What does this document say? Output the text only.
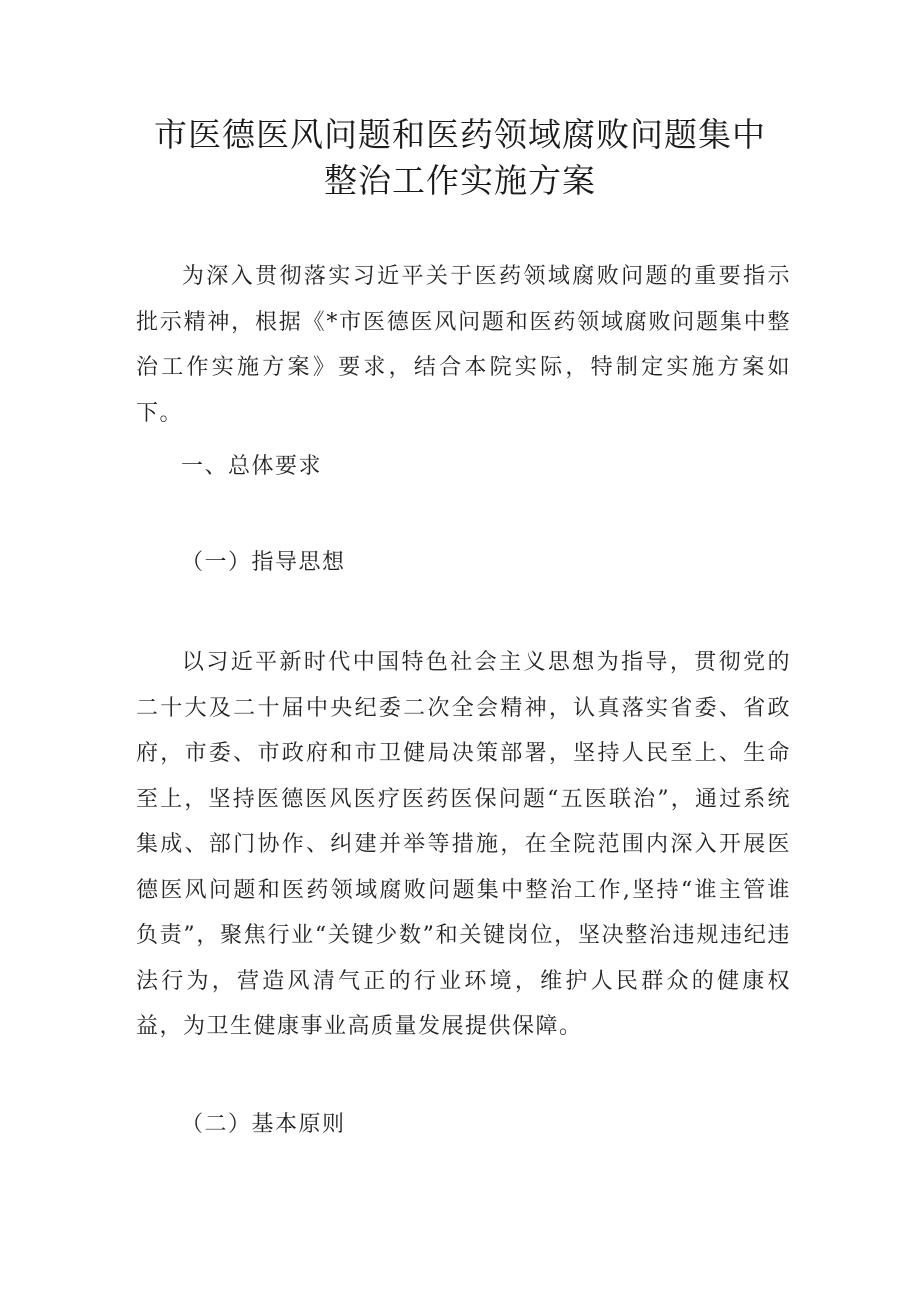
市医德医风问题和医药领域腐败问题集中
整治工作实施方案

为深入贯彻落实习近平关于医药领域腐败问题的重要指示批示精神，根据《*市医德医风问题和医药领域腐败问题集中整治工作实施方案》要求，结合本院实际，特制定实施方案如下。

一、总体要求

（一）指导思想

以习近平新时代中国特色社会主义思想为指导，贯彻党的二十大及二十届中央纪委二次全会精神，认真落实省委、省政府，市委、市政府和市卫健局决策部署，坚持人民至上、生命至上，坚持医德医风医疗医药医保问题“五医联治”，通过系统集成、部门协作、纠建并举等措施，在全院范围内深入开展医德医风问题和医药领域腐败问题集中整治工作,坚持“谁主管谁负责”，聚焦行业“关键少数”和关键岗位，坚决整治违规违纪违法行为，营造风清气正的行业环境，维护人民群众的健康权益，为卫生健康事业高质量发展提供保障。

（二）基本原则
